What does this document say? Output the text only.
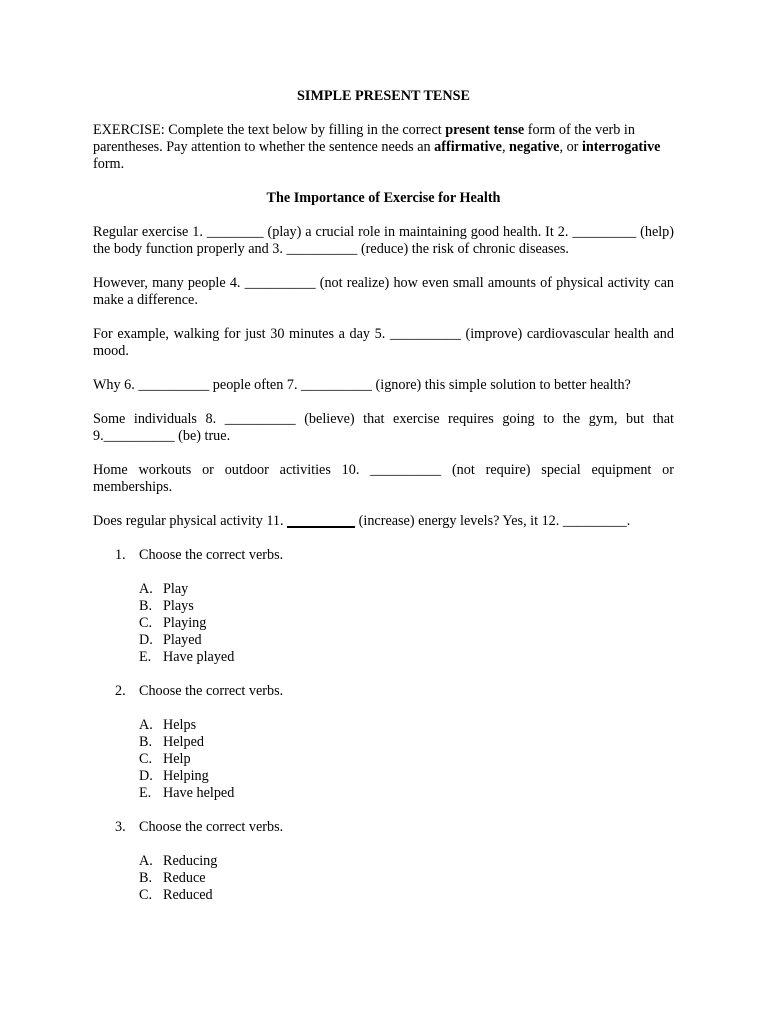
SIMPLE PRESENT TENSE

EXERCISE: Complete the text below by filling in the correct present tense form of the verb in parentheses. Pay attention to whether the sentence needs an affirmative, negative, or interrogative form.

The Importance of Exercise for Health

Regular exercise 1. ________ (play) a crucial role in maintaining good health. It 2. _________ (help) the body function properly and 3. __________ (reduce) the risk of chronic diseases.

However, many people 4. __________ (not realize) how even small amounts of physical activity can make a difference.

For example, walking for just 30 minutes a day 5. __________ (improve) cardiovascular health and mood.

Why 6. __________ people often 7. __________ (ignore) this simple solution to better health?

Some individuals 8. __________ (believe) that exercise requires going to the gym, but that 9.__________ (be) true.

Home workouts or outdoor activities 10. __________ (not require) special equipment or memberships.

Does regular physical activity 11.	(increase) energy levels? Yes, it 12. _________.

1. Choose the correct verbs.
A. Play
B. Plays
C. Playing
D. Played
E. Have played
2. Choose the correct verbs.
A. Helps
B. Helped
C. Help
D. Helping
E. Have helped
3. Choose the correct verbs.
A. Reducing
B. Reduce
C. Reduced
